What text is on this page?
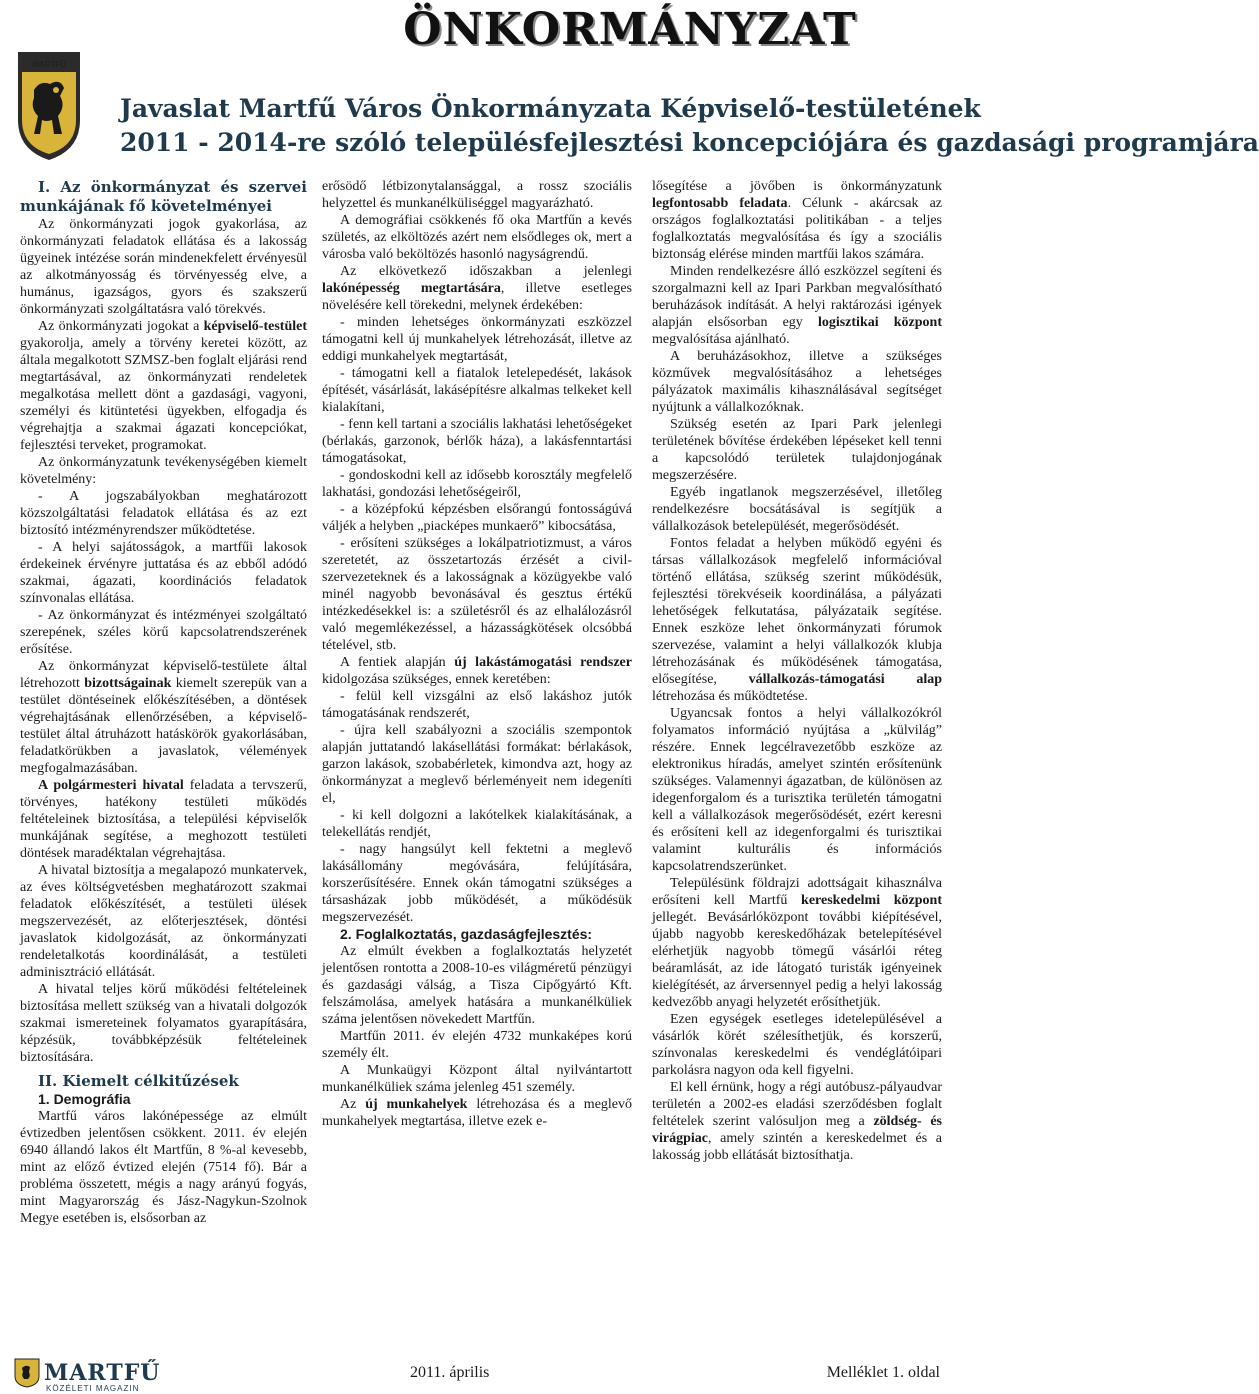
ÖNKORMÁNYZAT
MARTFŰ
Javaslat Martfű Város Önkormányzata Képviselő-testületének
2011 - 2014-re szóló településfejlesztési koncepciójára és gazdasági programjára

I. Az önkormányzat és szervei munkájának fő követelményei

Az önkormányzati jogok gyakorlása, az önkormányzati feladatok ellátása és a lakosság ügyeinek intézése során mindenekfelett érvényesül az alkotmányosság és törvényesség elve, a humánus, igazságos, gyors és szakszerű önkormányzati szolgáltatásra való törekvés.

Az önkormányzati jogokat a képviselő-testület gyakorolja, amely a törvény keretei között, az általa megalkotott SZMSZ-ben foglalt eljárási rend megtartásával, az önkormányzati rendeletek megalkotása mellett dönt a gazdasági, vagyoni, személyi és kitüntetési ügyekben, elfogadja és végrehajtja a szakmai ágazati koncepciókat, fejlesztési terveket, programokat.

Az önkormányzatunk tevékenységében kiemelt követelmény:

- A jogszabályokban meghatározott közszolgáltatási feladatok ellátása és az ezt biztosító intézményrendszer működtetése.

- A helyi sajátosságok, a martfűi lakosok érdekeinek érvényre juttatása és az ebből adódó szakmai, ágazati, koordinációs feladatok színvonalas ellátása.

- Az önkormányzat és intézményei szolgáltató szerepének, széles körű kapcsolatrendszerének erősítése.

Az önkormányzat képviselő-testülete által létrehozott bizottságainak kiemelt szerepük van a testület döntéseinek előkészítésében, a döntések végrehajtásának ellenőrzésében, a képviselő-testület által átruházott hatáskörök gyakorlásában, feladatkörükben a javaslatok, vélemények megfogalmazásában.

A polgármesteri hivatal feladata a tervszerű, törvényes, hatékony testületi működés feltételeinek biztosítása, a települési képviselők munkájának segítése, a meghozott testületi döntések maradéktalan végrehajtása.

A hivatal biztosítja a megalapozó munkatervek, az éves költségvetésben meghatározott szakmai feladatok előkészítését, a testületi ülések megszervezését, az előterjesztések, döntési javaslatok kidolgozását, az önkormányzati rendeletalkotás koordinálását, a testületi adminisztráció ellátását.

A hivatal teljes körű működési feltételeinek biztosítása mellett szükség van a hivatali dolgozók szakmai ismereteinek folyamatos gyarapítására, képzésük, továbbképzésük feltételeinek biztosítására.

II. Kiemelt célkitűzések

1. Demográfia

Martfű város lakónépessége az elmúlt évtizedben jelentősen csökkent. 2011. év elején 6940 állandó lakos élt Martfűn, 8 %-al kevesebb, mint az előző évtized elején (7514 fő). Bár a probléma összetett, mégis a nagy arányú fogyás, mint Magyarország és Jász-Nagykun-Szolnok Megye esetében is, elsősorban az

erősödő létbizonytalansággal, a rossz szociális helyzettel és munkanélküliséggel magyarázható.

A demográfiai csökkenés fő oka Martfűn a kevés születés, az elköltözés azért nem elsődleges ok, mert a városba való beköltözés hasonló nagyságrendű.

Az elkövetkező időszakban a jelenlegi lakónépesség megtartására, illetve esetleges növelésére kell törekedni, melynek érdekében:

- minden lehetséges önkormányzati eszközzel támogatni kell új munkahelyek létrehozását, illetve az eddigi munkahelyek megtartását,

- támogatni kell a fiatalok letelepedését, lakások építését, vásárlását, lakásépítésre alkalmas telkeket kell kialakítani,

- fenn kell tartani a szociális lakhatási lehetőségeket (bérlakás, garzonok, bérlők háza), a lakásfenntartási támogatásokat,

- gondoskodni kell az idősebb korosztály megfelelő lakhatási, gondozási lehetőségeiről,

- a középfokú képzésben elsőrangú fontosságúvá váljék a helyben „piacképes munkaerő” kibocsátása,

- erősíteni szükséges a lokálpatriotizmust, a város szeretetét, az összetartozás érzését a civil-szervezeteknek és a lakosságnak a közügyekbe való minél nagyobb bevonásával és gesztus értékű intézkedésekkel is: a születésről és az elhalálozásról való megemlékezéssel, a házasságkötések olcsóbbá tételével, stb.

A fentiek alapján új lakástámogatási rendszer kidolgozása szükséges, ennek keretében:

- felül kell vizsgálni az első lakáshoz jutók támogatásának rendszerét,

- újra kell szabályozni a szociális szempontok alapján juttatandó lakásellátási formákat: bérlakások, garzon lakások, szobabérletek, kimondva azt, hogy az önkormányzat a meglevő bérleményeit nem idegeníti el,

- ki kell dolgozni a lakótelkek kialakításának, a telekellátás rendjét,

- nagy hangsúlyt kell fektetni a meglevő lakásállomány megóvására, felújítására, korszerűsítésére. Ennek okán támogatni szükséges a társasházak jobb működését, a működésük megszervezését.

2. Foglalkoztatás, gazdaságfejlesztés:

Az elmúlt években a foglalkoztatás helyzetét jelentősen rontotta a 2008-10-es világméretű pénzügyi és gazdasági válság, a Tisza Cipőgyártó Kft. felszámolása, amelyek hatására a munkanélküliek száma jelentősen növekedett Martfűn.

Martfűn 2011. év elején 4732 munkaképes korú személy élt.

A Munkaügyi Központ által nyilvántartott munkanélküliek száma jelenleg 451 személy.

Az új munkahelyek létrehozása és a meglevő munkahelyek megtartása, illetve ezek e-

lősegítése a jövőben is önkormányzatunk legfontosabb feladata. Célunk - akárcsak az országos foglalkoztatási politikában - a teljes foglalkoztatás megvalósítása és így a szociális biztonság elérése minden martfűi lakos számára.

Minden rendelkezésre álló eszközzel segíteni és szorgalmazni kell az Ipari Parkban megvalósítható beruházások indítását. A helyi raktározási igények alapján elsősorban egy logisztikai központ megvalósítása ajánlható.

A beruházásokhoz, illetve a szükséges közművek megvalósításához a lehetséges pályázatok maximális kihasználásával segítséget nyújtunk a vállalkozóknak.

Szükség esetén az Ipari Park jelenlegi területének bővítése érdekében lépéseket kell tenni a kapcsolódó területek tulajdonjogának megszerzésére.

Egyéb ingatlanok megszerzésével, illetőleg rendelkezésre bocsátásával is segítjük a vállalkozások betelepülését, megerősödését.

Fontos feladat a helyben működő egyéni és társas vállalkozások megfelelő információval történő ellátása, szükség szerint működésük, fejlesztési törekvéseik koordinálása, a pályázati lehetőségek felkutatása, pályázataik segítése. Ennek eszköze lehet önkormányzati fórumok szervezése, valamint a helyi vállalkozók klubja létrehozásának és működésének támogatása, elősegítése, vállalkozás-támogatási alap létrehozása és működtetése.

Ugyancsak fontos a helyi vállalkozókról folyamatos információ nyújtása a „külvilág” részére. Ennek legcélravezetőbb eszköze az elektronikus híradás, amelyet szintén erősítenünk szükséges. Valamennyi ágazatban, de különösen az idegenforgalom és a turisztika területén támogatni kell a vállalkozások megerősödését, ezért keresni és erősíteni kell az idegenforgalmi és turisztikai valamint kulturális és információs kapcsolatrendszerünket.

Településünk földrajzi adottságait kihasználva erősíteni kell Martfű kereskedelmi központ jellegét. Bevásárlóközpont további kiépítésével, újabb nagyobb kereskedőházak betelepítésével elérhetjük nagyobb tömegű vásárlói réteg beáramlását, az ide látogató turisták igényeinek kielégítését, az árversennyel pedig a helyi lakosság kedvezőbb anyagi helyzetét erősíthetjük.

Ezen egységek esetleges idetelepülésével a vásárlók körét szélesíthetjük, és korszerű, színvonalas kereskedelmi és vendéglátóipari parkolásra nagyon oda kell figyelni.

El kell érnünk, hogy a régi autóbusz-pályaudvar területén a 2002-es eladási szerződésben foglalt feltételek szerint valósuljon meg a zöldség- és virágpiac, amely szintén a kereskedelmet és a lakosság jobb ellátását biztosíthatja.

MARTFŰ
KÖZÉLETI MAGAZIN
2011. április	Melléklet 1. oldal
